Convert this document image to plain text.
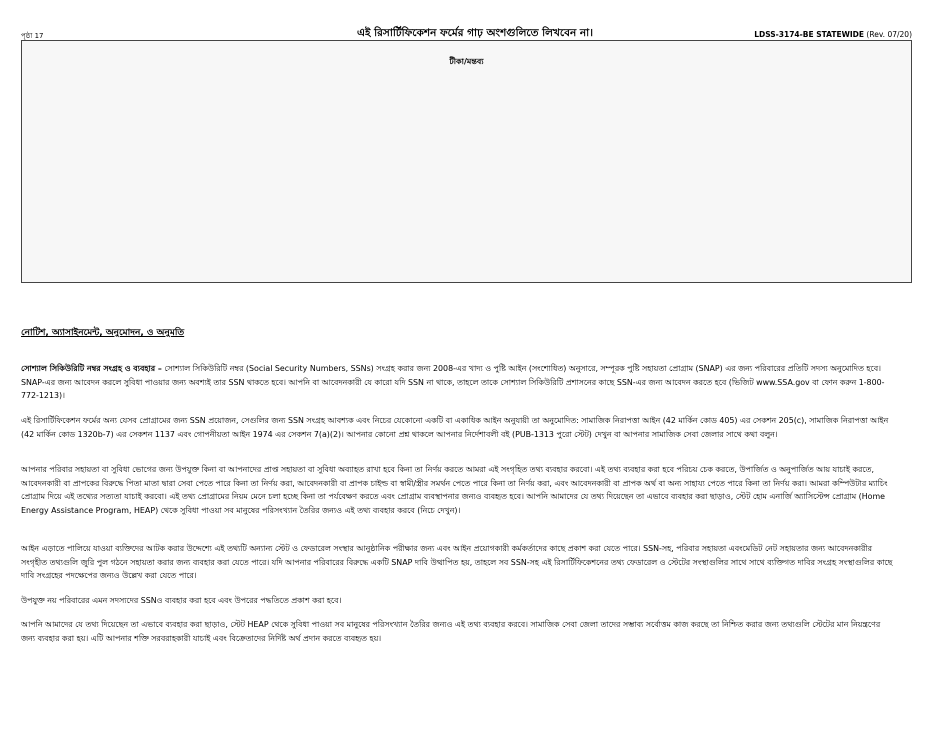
পৃষ্ঠা 17	এই রিসার্টিফিকেশন ফর্মের গাঢ় অংশগুলিতে লিখবেন না।	LDSS-3174-BE STATEWIDE (Rev. 07/20)
টীকা/মন্তব্য
নোটিশ, অ্যাসাইনমেন্ট, অনুমোদন, ও অনুমতি
সোশ্যাল সিকিউরিটি নম্বর সংগ্রহ ও ব্যবহার – সোশ্যাল সিকিউরিটি নম্বর (Social Security Numbers, SSNs) সংগ্রহ করার জন্য 2008-এর খাদ্য ও পুষ্টি আইন (সংশোধিত) অনুসারে, সম্পূরক পুষ্টি সহায়তা প্রোগ্রাম (SNAP) এর জন্য পরিবারের প্রতিটি সদস্য অনুমোদিত হবে। SNAP-এর জন্য আবেদন করলে সুবিধা পাওয়ার জন্য অবশ্যই তার SSN থাকতে হবে। আপনি বা আবেদনকারী যে কারো যদি SSN না থাকে, তাহলে তাকে সোশ্যাল সিকিউরিটি প্রশাসনের কাছে SSN-এর জন্য আবেদন করতে হবে (ভিজিট www.SSA.gov বা ফোন করুন 1-800-772-1213)।
এই রিসার্টিফিকেশন ফর্মের অন্য যেসব প্রোগ্রামের জন্য SSN প্রয়োজন, সেগুলির জন্য SSN সংগ্রহ আবশ্যক এবং নিচের যেকোনো একটি বা একাধিক আইন অনুযায়ী তা অনুমোদিত: সামাজিক নিরাপত্তা আইন (42 মার্কিন কোড 405) এর সেকশন 205(c), সামাজিক নিরাপত্তা আইন (42 মার্কিন কোড 1320b-7) এর সেকশন 1137 এবং গোপনীয়তা আইন 1974 এর সেকশন 7(a)(2)। আপনার কোনো প্রশ্ন থাকলে আপনার নির্দেশাবলী বই (PUB-1313 পুরো স্টেট) দেখুন বা আপনার সামাজিক সেবা জেলার সাথে কথা বলুন।
আপনার পরিবার সহায়তা বা সুবিধা ভোগের জন্য উপযুক্ত কিনা বা আপনাদের প্রাপ্ত সহায়তা বা সুবিধা অব্যাহত রাখা হবে কিনা তা নির্ণয় করতে আমরা এই সংগৃহিত তথ্য ব্যবহার করবো। এই তথ্য ব্যবহার করা হবে পরিচয় চেক করতে, উপার্জিত ও অনুপার্জিত আয় যাচাই করতে, আবেদনকারী বা প্রাপকের বিরুদ্ধে পিতা মাতা দ্বারা সেবা পেতে পারে কিনা তা নির্ণয় করা, আবেদনকারী বা প্রাপক চাইল্ড বা স্বামী/স্ত্রীর সমর্থন পেতে পারে কিনা তা নির্ণয় করা, এবং আবেদনকারী বা প্রাপক অর্থ বা অন্য সাহায্য পেতে পারে কিনা তা নির্ণয় করা। আমরা কম্পিউটার ম্যাচিং প্রোগ্রাম দিয়ে এই তথ্যের সত্যতা যাচাই করবো। এই তথ্য প্রোগ্রামের নিয়ম মেনে চলা হচ্ছে কিনা তা পর্যবেক্ষণ করতে এবং প্রোগ্রাম ব্যবস্থাপনার জন্যও ব্যবহৃত হবে। আপনি আমাদের যে তথ্য দিয়েছেন তা এভাবে ব্যবহার করা ছাড়াও, স্টেট হোম এনার্জি অ্যাসিস্টেন্স প্রোগ্রাম (Home Energy Assistance Program, HEAP) থেকে সুবিধা পাওয়া সব মানুষের পরিসংখ্যান তৈরির জন্যও এই তথ্য ব্যবহার করবে (নিচে দেখুন)।
আইন এড়াতে পালিয়ে যাওয়া ব্যক্তিদের আটক করার উদ্দেশ্যে এই তথ্যটি অন্যান্য স্টেট ও ফেডারেল সংস্থার আনুষ্ঠানিক পরীক্ষার জন্য এবং আইন প্রয়োগকারী কর্মকর্তাদের কাছে প্রকাশ করা যেতে পারে। SSN-সহ, পরিবার সহায়তা এবংমেডিট নেট সহায়তার জন্য আবেদনকারীর সংগৃহীত তথ্যগুলি জুরি পুল গঠনে সহায়তা করার জন্য ব্যবহার করা যেতে পারে। যদি আপনার পরিবারের বিরুদ্ধে একটি SNAP দাবি উত্থাপিত হয়, তাহলে সব SSN-সহ এই রিসার্টিফিকেশনের তথ্য ফেডারেল ও স্টেটের সংস্থাগুলির সাথে সাথে ব্যক্তিগত দাবির সংগ্রহ সংস্থাগুলির কাছে দাবি সংগ্রহের পদক্ষেপের জন্যও উল্লেখ করা যেতে পারে।
উপযুক্ত নয় পরিবারের এমন সদস্যদের SSNও ব্যবহার করা হবে এবং উপরের পদ্ধতিতে প্রকাশ করা হবে।
আপনি আমাদের যে তথ্য দিয়েছেন তা এভাবে ব্যবহার করা ছাড়াও, স্টেট HEAP থেকে সুবিধা পাওয়া সব মানুষের পরিসংখ্যান তৈরির জন্যও এই তথ্য ব্যবহার করবে। সামাজিক সেবা জেলা তাদের সম্ভাব্য সর্বোত্তম কাজ করছে তা নিশ্চিত করার জন্য তথ্যগুলি স্টেটের মান নিয়ন্ত্রণের জন্য ব্যবহার করা হয়। এটি আপনার শক্তি সরবরাহকারী যাচাই এবং বিক্রেতাদের নির্দিষ্ট অর্থ প্রদান করতে ব্যবহৃত হয়।
